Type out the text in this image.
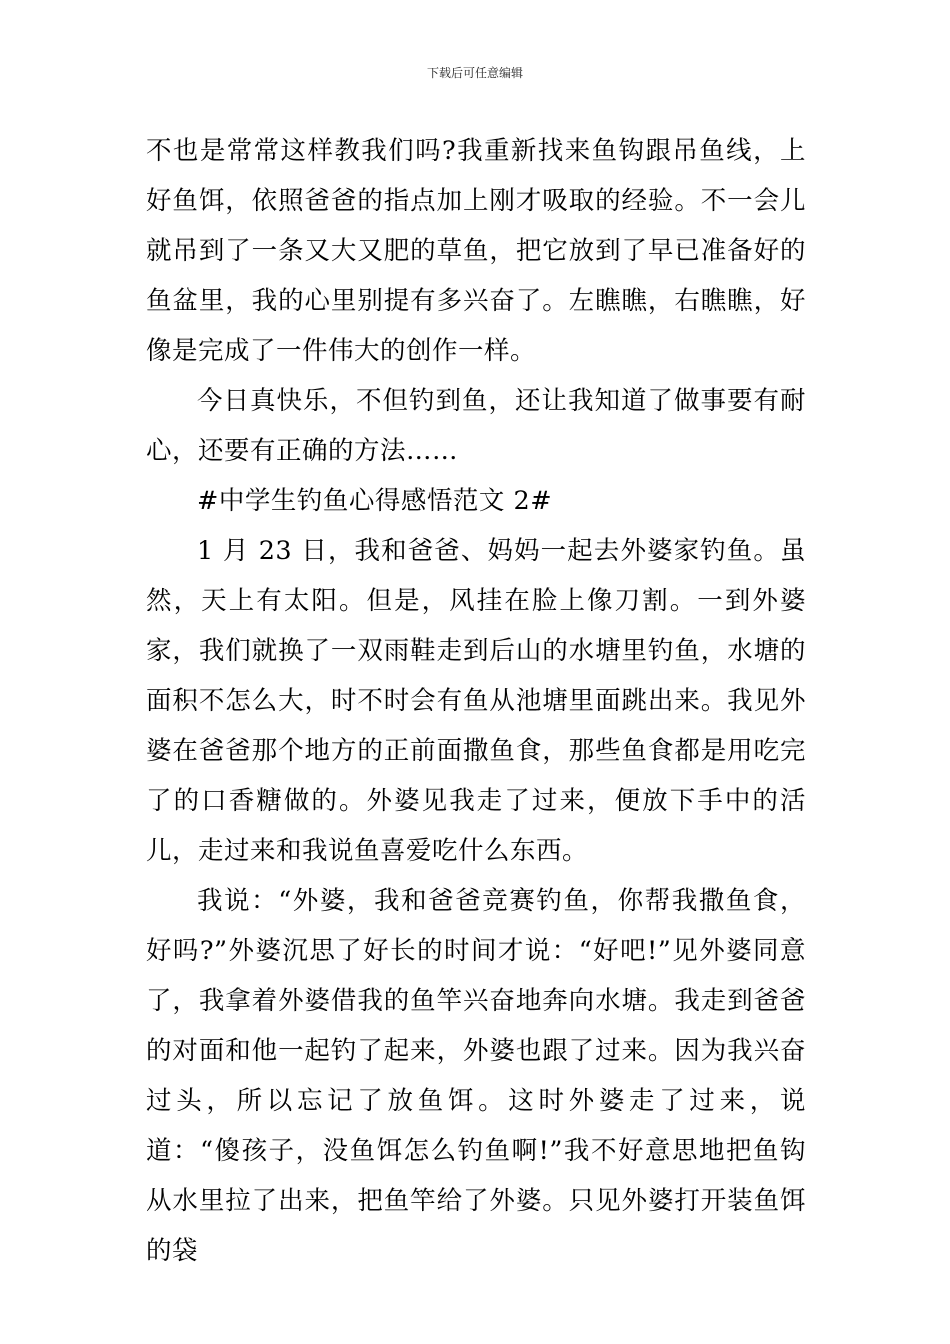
下载后可任意编辑

不也是常常这样教我们吗?我重新找来鱼钩跟吊鱼线，上好鱼饵，依照爸爸的指点加上刚才吸取的经验。不一会儿就吊到了一条又大又肥的草鱼，把它放到了早已准备好的鱼盆里，我的心里别提有多兴奋了。左瞧瞧，右瞧瞧，好像是完成了一件伟大的创作一样。

今日真快乐，不但钓到鱼，还让我知道了做事要有耐心，还要有正确的方法……

#中学生钓鱼心得感悟范文 2#

1 月 23 日，我和爸爸、妈妈一起去外婆家钓鱼。虽然，天上有太阳。但是，风挂在脸上像刀割。一到外婆家，我们就换了一双雨鞋走到后山的水塘里钓鱼，水塘的面积不怎么大，时不时会有鱼从池塘里面跳出来。我见外婆在爸爸那个地方的正前面撒鱼食，那些鱼食都是用吃完了的口香糖做的。外婆见我走了过来，便放下手中的活儿，走过来和我说鱼喜爱吃什么东西。

我说：“外婆，我和爸爸竞赛钓鱼，你帮我撒鱼食，好吗?”外婆沉思了好长的时间才说：“好吧!”见外婆同意了，我拿着外婆借我的鱼竿兴奋地奔向水塘。我走到爸爸的对面和他一起钓了起来，外婆也跟了过来。因为我兴奋过头，所以忘记了放鱼饵。这时外婆走了过来，说道：“傻孩子，没鱼饵怎么钓鱼啊!”我不好意思地把鱼钩从水里拉了出来，把鱼竿给了外婆。只见外婆打开装鱼饵的袋
